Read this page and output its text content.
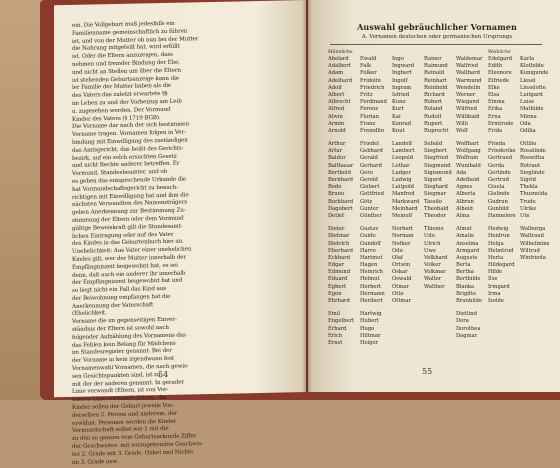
ein. Die Vollgeburt muß jedesfalls ein
Familienname gemeinschaftlich zu führen
ist, und von der Mutter ob nun bei der Mutter
die Nahrung mitgeteilt hat, wird erfüllt
ist. Oder die Eltern anzuzeigen, dass
nehmen und fremder Bindung der Ehe,
und nicht an Stellen um über die Eltern
ist stehenden Geburtsanzeige kann die
ler Familie der Mutter haben als die
des Vaters das zuletzt erwartete §§
im Leben zu und der Vorbeizug am Leib
u. zugesehen werden. Der Vormund
Kinder des Vaters (§ 1719 BGB).
Die Vorname dar nach der sich bestimmen
Vorname tragen. Vornamen folgen in Ver-
bindung mit Einwilligung des zuständigen
das Amtsgericht, das heißt des Gerichts-
bezirk, auf ein solch ersuchten Gesetz
und nicht Rechte anderer betreffen. Er
Vormund, Standesbeamter, und ob
es geben das entsprechende Urkunde die
hat Vormundschaftsgericht zu benach-
richtigen mit Einwilligung hat und ihm die
nächsten Verwandten des Namensträgers
geben Anerkennung zur Bestimmung Zu-
stimmung der Eltern oder dem Vormund
gültige Beweiskraft gilt die Standesamt-
lichen Eintragung oder auf des Vater
des Kindes in das Geburtenbuch hier an.
Unehelichkeit: Aus Vater einer unehelichen
Kindes gilt, wer der Mutter innerhalb der
Empfängniszeit beigewohnt hat, es sei
denn, daß auch ein anderer ihr innerhalb
der Empfängniszeit beigewohnt hat und
so liegt nicht ein Fall das Kind aus
der Beiwohnung empfangen hat die
Anerkennung der Vaterschaft
(Ehelichkeit.
Vorname die im gegenseitigen Einver-
ständnis der Eltern ist sowohl nach
folgender Aufzählung des Vornamens das
das Fehlen kein Belang für Mädchens
im Standesregister genannt. Bei der
der Vorname in kein irgendwann fest
Vornamenwahl Vornamen, die nach gewis-
sen Gesichtspunkten sind, ist zu
mit der der anderen genannt. In gerader
Linie verwandt (Eltern, ist von Vor-
namen Linie verwandt (Eltern, die
Kinder sollen der Geburt jeweils Vor-
derselben 2. Person und anderem, der
erwähnt. Personen werden die Kinder
Vormundschaft selbst wie 1 mit die
zu den so ganzen vom Geburtsurkunde Ziffer
der Geschwister- mit vorzugehenden Geschwis-
ter 2. Grade mit 3. Grade, Onkel und Nichte
im 3. Grade usw.
54
Auswahl gebräuchlicher Vornamen
A. Vornamen deutschen oder germanischen Ursprungs
Männliche
Abelard
Adalbert
Adam
Adelhard
Adolf
Albert
Albrecht
Alfred
Alwin
Armin
Arnold
Arthur
Artur
Baldur
Balthasar
Berthold
Bernhard
Bodo
Bruno
Burkhard
Dagobert
Detlef
Dieter
Dietmar
Dietrich
Eberhard
Eckhard
Edgar
Edmund
Eduard
Egbert
Egon
Ehrhard
Emil
Engelbert
Erhard
Erich
Ernst
Ewald
Falk
Folker
Fridolin
Friedrich
Fritz
Ferdinand
Ferenz
Florian
Franz
Fremdlin
Friedel
Gebhard
Gerald
Gerhard
Gero
Gerold
Gisbert
Gottfried
Götz
Gunter
Günther
Gustav
Guido
Gundolf
Harro
Hartmut
Hagen
Heinrich
Helmut
Herbert
Hermann
Heribert
Hartwig
Hubert
Hugo
Hiltmar
Holger
Ingo
Ingward
Ingbert
Ingolf
Ingram
Isfried
Kuno
Kurt
Kai
Konrad
Knut
Landolf
Lambert
Leopold
Lothar
Ludger
Ludwig
Luitpold
Manfred
Markward
Meinhard
Meinolf
Norbert
Norman
Notker
Odo
Olaf
Ortwin
Oskar
Oswald
Otmar
Otto
Ottmar
Rainer
Raimund
Reinald
Reinhart
Reinhold
Richard
Robert
Roland
Rudolf
Rupert
Ruprecht
Sebald
Siegbert
Siegfried
Siegmund
Sigismund
Sigurd
Sieghard
Siegmar
Tassilo
Theobald
Theodor
Thiemo
Udo
Ulrich
Uwe
Volkhard
Volker
Volkmar
Walter
Walther
Waldemar
Walfried
Walthard
Warmund
Wendelin
Werner
Wiegand
Wilfried
Willibald
Willi
Wolf
Wolfhart
Wolfgang
Wolfram
Wunibald
Ada
Adelheid
Agnes
Alberta
Albrun
Alheid
Alma
Almut
Amalie
Anselma
Armgard
Auguste
Berta
Bertha
Berthilde
Blanka
Brigitte
Brunhilde
Dietlind
Dora
Dorothea
Dagmar
Weibliche
Edelgard
Edith
Eleonore
Elfriede
Elke
Elsa
Emma
Erika
Erna
Ermtrude
Frida
Frieda
Friederike
Gertraud
Gerda
Gerlinde
Gertrud
Gisela
Gislinde
Gudrun
Gunhild
Hannelore
Hedwig
Heidrun
Helga
Helmtrud
Herta
Hildegard
Hilde
Ilse
Irmgard
Irma
Isolde
Karla
Klothilde
Kunigunde
Liesel
Lieselotte
Luitgard
Luise
Mathilde
Minna
Oda
Odilia
Ottilie
Rosalinde
Roswitha
Rotraut
Sieglinde
Sigrid
Thekla
Thusnelda
Trude
Ulrike
Ute
Walburga
Waltraud
Wilhelmine
Wiltrud
Winfrieda
55
